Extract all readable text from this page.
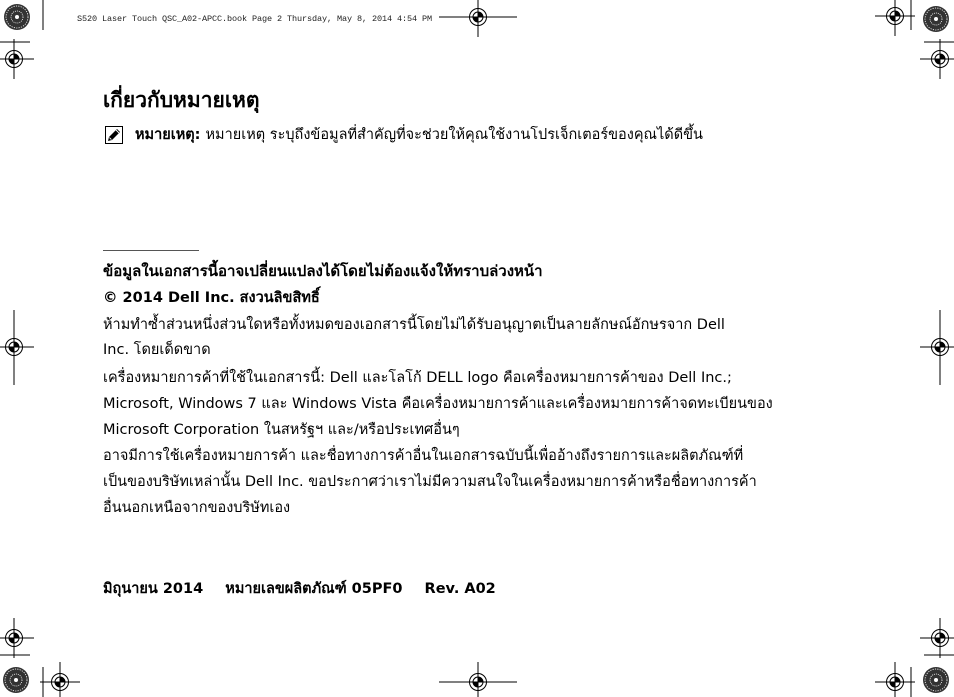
S520 Laser Touch QSC_A02-APCC.book Page 2 Thursday, May 8, 2014 4:54 PM
เกี่ยวกับหมายเหตุ
หมายเหตุ: หมายเหตุ ระบุถึงข้อมูลที่สำคัญที่จะช่วยให้คุณใช้งานโปรเจ็กเตอร์ของคุณได้ดีขึ้น
ข้อมูลในเอกสารนี้อาจเปลี่ยนแปลงได้โดยไม่ต้องแจ้งให้ทราบล่วงหน้า
© 2014 Dell Inc. สงวนลิขสิทธิ์
ห้ามทำซ้ำส่วนหนึ่งส่วนใดหรือทั้งหมดของเอกสารนี้โดยไม่ได้รับอนุญาตเป็นลายลักษณ์อักษรจาก Dell
Inc. โดยเด็ดขาด
เครื่องหมายการค้าที่ใช้ในเอกสารนี้: Dell และโลโก้ DELL logo คือเครื่องหมายการค้าของ Dell Inc.;
Microsoft, Windows 7 และ Windows Vista คือเครื่องหมายการค้าและเครื่องหมายการค้าจดทะเบียนของ
Microsoft Corporation ในสหรัฐฯ และ/หรือประเทศอื่นๆ
อาจมีการใช้เครื่องหมายการค้า และชื่อทางการค้าอื่นในเอกสารฉบับนี้เพื่ออ้างถึงรายการและผลิตภัณฑ์ที่
เป็นของบริษัทเหล่านั้น Dell Inc. ขอประกาศว่าเราไม่มีความสนใจในเครื่องหมายการค้าหรือชื่อทางการค้า
อื่นนอกเหนือจากของบริษัทเอง
มิถุนายน 2014 หมายเลขผลิตภัณฑ์ 05PF0 Rev. A02
